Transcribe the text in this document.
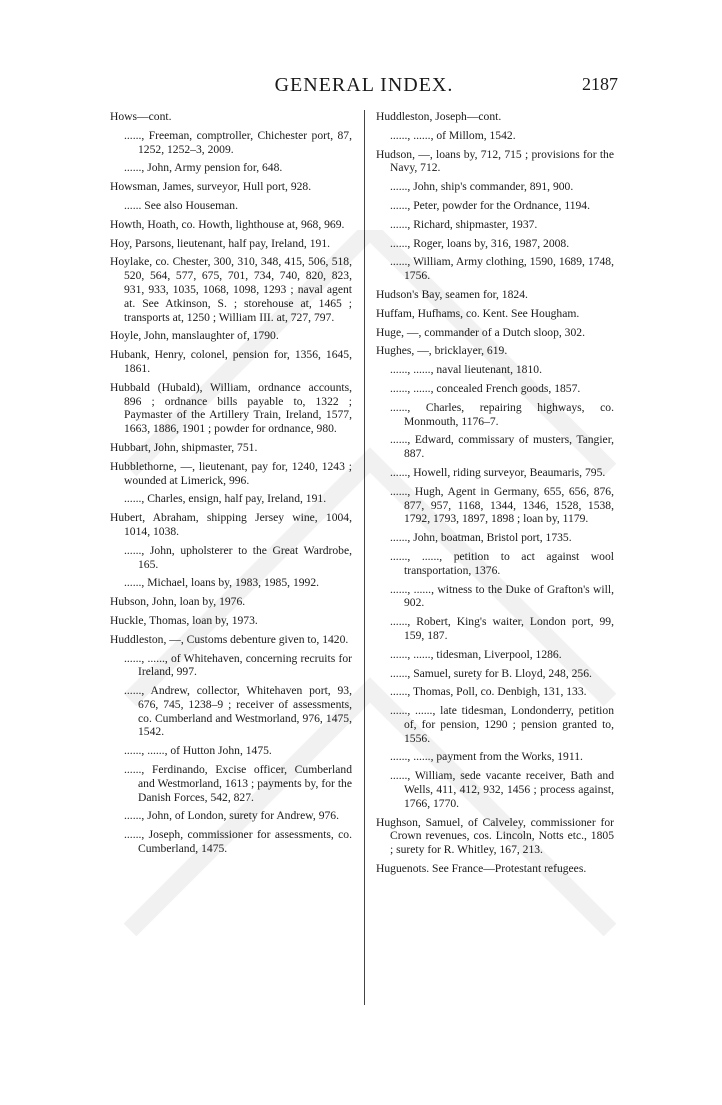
GENERAL INDEX.	2187
Hows—cont.
......, Freeman, comptroller, Chichester port, 87, 1252, 1252–3, 2009.
......, John, Army pension for, 648.
Howsman, James, surveyor, Hull port, 928.
...... See also Houseman.
Howth, Hoath, co. Howth, lighthouse at, 968, 969.
Hoy, Parsons, lieutenant, half pay, Ireland, 191.
Hoylake, co. Chester, 300, 310, 348, 415, 506, 518, 520, 564, 577, 675, 701, 734, 740, 820, 823, 931, 933, 1035, 1068, 1098, 1293 ; naval agent at. See Atkinson, S. ; storehouse at, 1465 ; transports at, 1250 ; William III. at, 727, 797.
Hoyle, John, manslaughter of, 1790.
Hubank, Henry, colonel, pension for, 1356, 1645, 1861.
Hubbald (Hubald), William, ordnance accounts, 896 ; ordnance bills payable to, 1322 ; Paymaster of the Artillery Train, Ireland, 1577, 1663, 1886, 1901 ; powder for ordnance, 980.
Hubbart, John, shipmaster, 751.
Hubblethorne, —, lieutenant, pay for, 1240, 1243 ; wounded at Limerick, 996.
......, Charles, ensign, half pay, Ireland, 191.
Hubert, Abraham, shipping Jersey wine, 1004, 1014, 1038.
......, John, upholsterer to the Great Wardrobe, 165.
......, Michael, loans by, 1983, 1985, 1992.
Hubson, John, loan by, 1976.
Huckle, Thomas, loan by, 1973.
Huddleston, —, Customs debenture given to, 1420.
......, ......, of Whitehaven, concerning recruits for Ireland, 997.
......, Andrew, collector, Whitehaven port, 93, 676, 745, 1238–9 ; receiver of assessments, co. Cumberland and Westmorland, 976, 1475, 1542.
......, ......, of Hutton John, 1475.
......, Ferdinando, Excise officer, Cumberland and Westmorland, 1613 ; payments by, for the Danish Forces, 542, 827.
......, John, of London, surety for Andrew, 976.
......, Joseph, commissioner for assessments, co. Cumberland, 1475.
Huddleston, Joseph—cont.
......, ......, of Millom, 1542.
Hudson, —, loans by, 712, 715 ; provisions for the Navy, 712.
......, John, ship's commander, 891, 900.
......, Peter, powder for the Ordnance, 1194.
......, Richard, shipmaster, 1937.
......, Roger, loans by, 316, 1987, 2008.
......, William, Army clothing, 1590, 1689, 1748, 1756.
Hudson's Bay, seamen for, 1824.
Huffam, Hufhams, co. Kent. See Hougham.
Huge, —, commander of a Dutch sloop, 302.
Hughes, —, bricklayer, 619.
......, ......, naval lieutenant, 1810.
......, ......, concealed French goods, 1857.
......, Charles, repairing highways, co. Monmouth, 1176–7.
......, Edward, commissary of musters, Tangier, 887.
......, Howell, riding surveyor, Beaumaris, 795.
......, Hugh, Agent in Germany, 655, 656, 876, 877, 957, 1168, 1344, 1346, 1528, 1538, 1792, 1793, 1897, 1898 ; loan by, 1179.
......, John, boatman, Bristol port, 1735.
......, ......, petition to act against wool transportation, 1376.
......, ......, witness to the Duke of Grafton's will, 902.
......, Robert, King's waiter, London port, 99, 159, 187.
......, ......, tidesman, Liverpool, 1286.
......, Samuel, surety for B. Lloyd, 248, 256.
......, Thomas, Poll, co. Denbigh, 131, 133.
......, ......, late tidesman, Londonderry, petition of, for pension, 1290 ; pension granted to, 1556.
......, ......, payment from the Works, 1911.
......, William, sede vacante receiver, Bath and Wells, 411, 412, 932, 1456 ; process against, 1766, 1770.
Hughson, Samuel, of Calveley, commissioner for Crown revenues, cos. Lincoln, Notts etc., 1805 ; surety for R. Whitley, 167, 213.
Huguenots. See France—Protestant refugees.
